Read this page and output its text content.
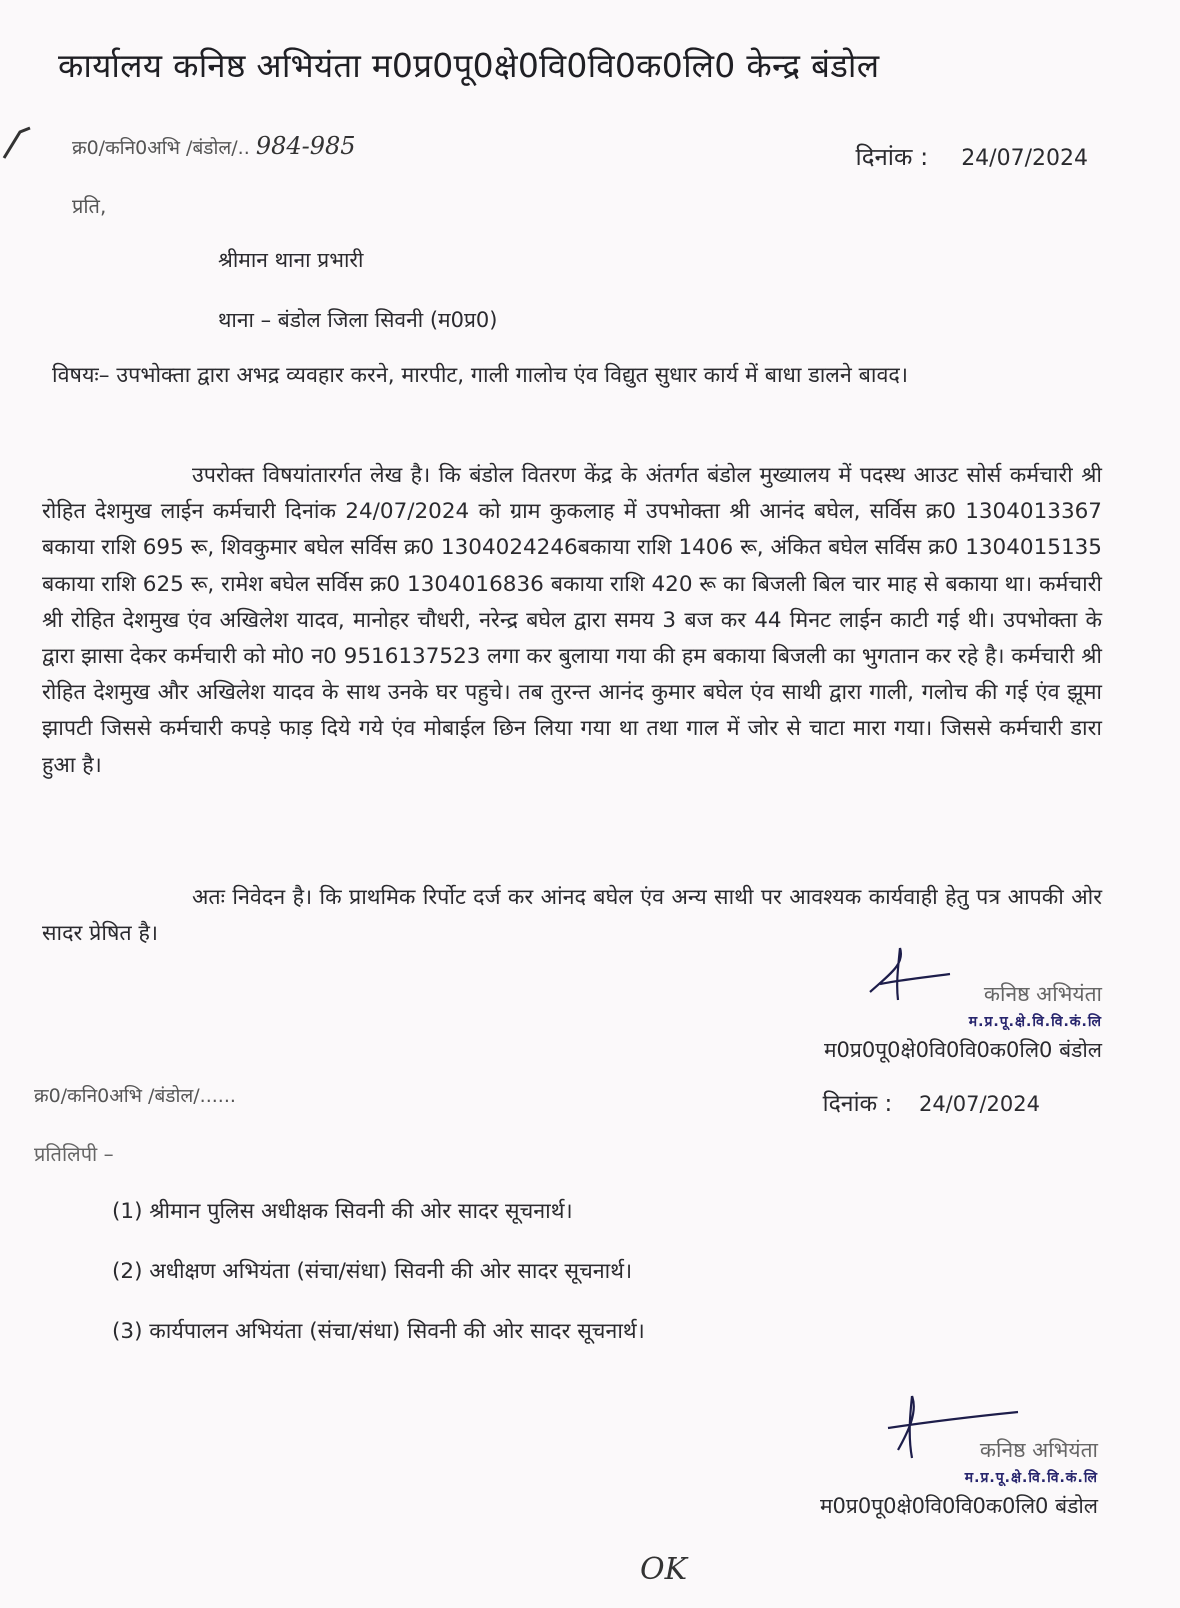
कार्यालय कनिष्ठ अभियंता म0प्र0पू0क्षे0वि0वि0क0लि0 केन्द्र बंडोल
क्र0/कनि0अभि /बंडोल/.. 984-985	दिनांक : 24/07/2024
प्रति,
श्रीमान थाना प्रभारी
थाना – बंडोल जिला सिवनी (म0प्र0)
विषयः– उपभोक्ता द्वारा अभद्र व्यवहार करने, मारपीट, गाली गालोच एंव विद्युत सुधार कार्य में बाधा डालने बावद।
उपरोक्त विषयांतारर्गत लेख है। कि बंडोल वितरण केंद्र के अंतर्गत बंडोल मुख्यालय में पदस्थ आउट सोर्स कर्मचारी श्री रोहित देशमुख लाईन कर्मचारी दिनांक 24/07/2024 को ग्राम कुकलाह में उपभोक्ता श्री आनंद बघेल, सर्विस क्र0 1304013367 बकाया राशि 695 रू, शिवकुमार बघेल सर्विस क्र0 1304024246बकाया राशि 1406 रू, अंकित बघेल सर्विस क्र0 1304015135 बकाया राशि 625 रू, रामेश बघेल सर्विस क्र0 1304016836 बकाया राशि 420 रू का बिजली बिल चार माह से बकाया था। कर्मचारी श्री रोहित देशमुख एंव अखिलेश यादव, मानोहर चौधरी, नरेन्द्र बघेल द्वारा समय 3 बज कर 44 मिनट लाईन काटी गई थी। उपभोक्ता के द्वारा झासा देकर कर्मचारी को मो0 न0 9516137523 लगा कर बुलाया गया की हम बकाया बिजली का भुगतान कर रहे है। कर्मचारी श्री रोहित देशमुख और अखिलेश यादव के साथ उनके घर पहुचे। तब तुरन्त आनंद कुमार बघेल एंव साथी द्वारा गाली, गलोच की गई एंव झूमा झापटी जिससे कर्मचारी कपड़े फाड़ दिये गये एंव मोबाईल छिन लिया गया था तथा गाल में जोर से चाटा मारा गया। जिससे कर्मचारी डारा हुआ है।
अतः निवेदन है। कि प्राथमिक रिर्पोट दर्ज कर आंनद बघेल एंव अन्य साथी पर आवश्यक कार्यवाही हेतु पत्र आपकी ओर सादर प्रेषित है।
कनिष्ठ अभियंता
म.प्र.पू.क्षे.वि.वि.कं.लि
म0प्र0पू0क्षे0वि0वि0क0लि0 बंडोल
क्र0/कनि0अभि /बंडोल/......	दिनांक : 24/07/2024
प्रतिलिपी –
(1) श्रीमान पुलिस अधीक्षक सिवनी की ओर सादर सूचनार्थ।
(2) अधीक्षण अभियंता (संचा/संधा) सिवनी की ओर सादर सूचनार्थ।
(3) कार्यपालन अभियंता (संचा/संधा) सिवनी की ओर सादर सूचनार्थ।
कनिष्ठ अभियंता
म.प्र.पू.क्षे.वि.वि.कं.लि
म0प्र0पू0क्षे0वि0वि0क0लि0 बंडोल
OK
